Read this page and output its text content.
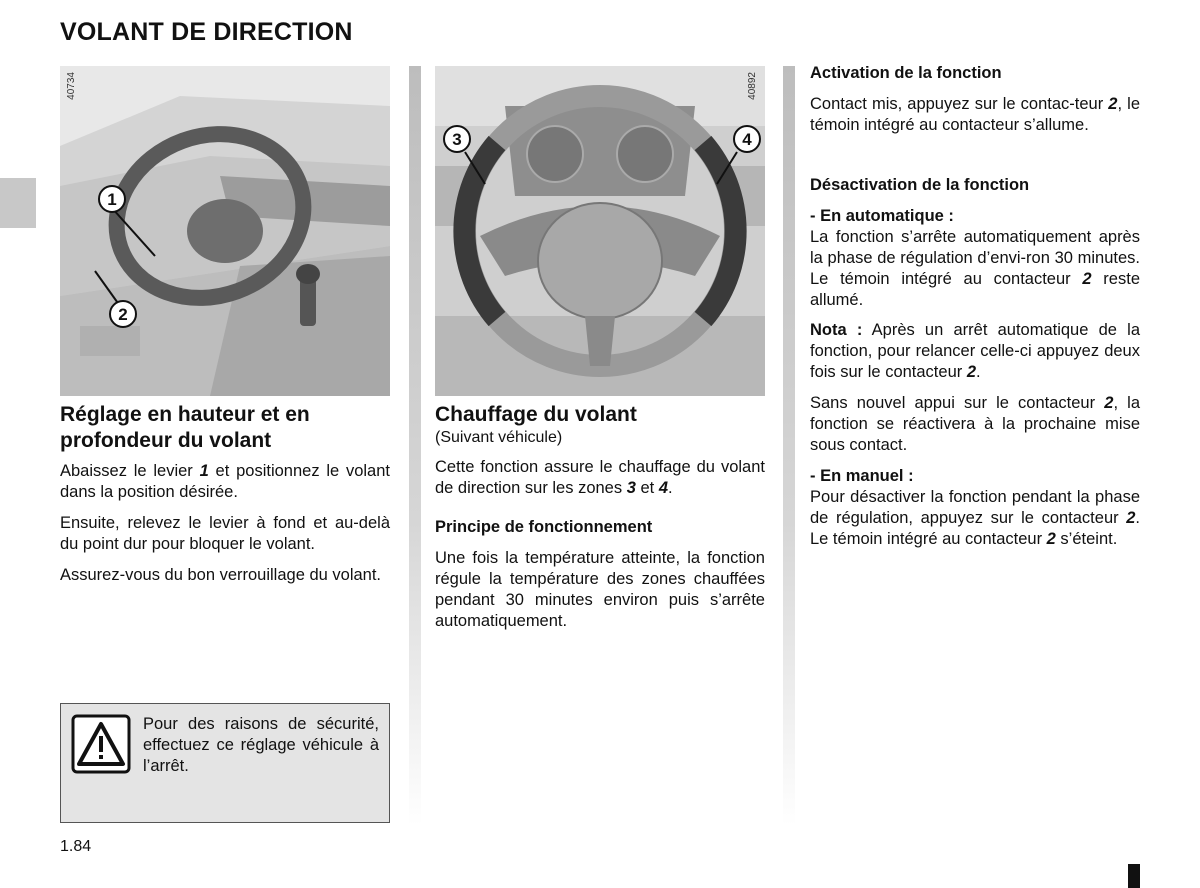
VOLANT DE DIRECTION
1
2
40734
3	4
40892
Réglage en hauteur et en profondeur du volant
Abaissez le levier 1 et positionnez le volant dans la position désirée.
Ensuite, relevez le levier à fond et au-delà du point dur pour bloquer le volant.
Assurez-vous du bon verrouillage du volant.
Pour des raisons de sécurité, effectuez ce réglage véhicule à l’arrêt.
Chauffage du volant
(Suivant véhicule)
Cette fonction assure le chauffage du volant de direction sur les zones 3 et 4.
Principe de fonctionnement
Une fois la température atteinte, la fonction régule la température des zones chauffées pendant 30 minutes environ puis s’arrête automatiquement.
Activation de la fonction
Contact mis, appuyez sur le contac-teur 2, le témoin intégré au contacteur s’allume.
Désactivation de la fonction
- En automatique :
La fonction s’arrête automatiquement après la phase de régulation d’envi-ron 30 minutes. Le témoin intégré au contacteur 2 reste allumé.
Nota : Après un arrêt automatique de la fonction, pour relancer celle-ci appuyez deux fois sur le contacteur 2.
Sans nouvel appui sur le contacteur 2, la fonction se réactivera à la prochaine mise sous contact.
- En manuel :
Pour désactiver la fonction pendant la phase de régulation, appuyez sur le contacteur 2. Le témoin intégré au contacteur 2 s’éteint.
1.84
